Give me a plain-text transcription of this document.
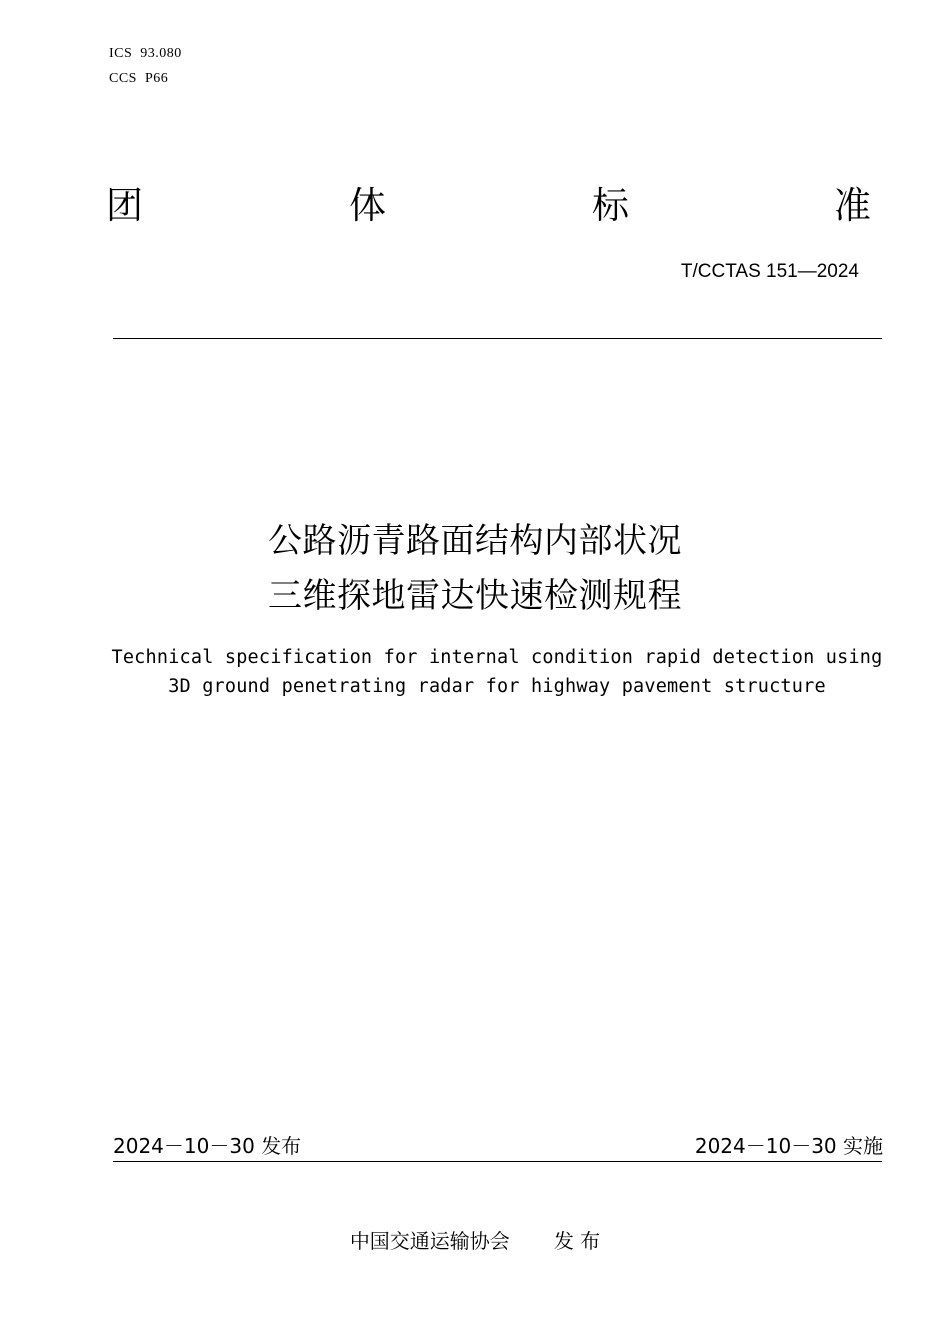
ICS 93.080
CCS P66
团	体	标	准
T/CCTAS 151—2024
公路沥青路面结构内部状况
三维探地雷达快速检测规程
Technical specification for internal condition rapid detection using
3D ground penetrating radar for highway pavement structure
2024－10－30 发布	2024－10－30 实施
中国交通运输协会 发 布
